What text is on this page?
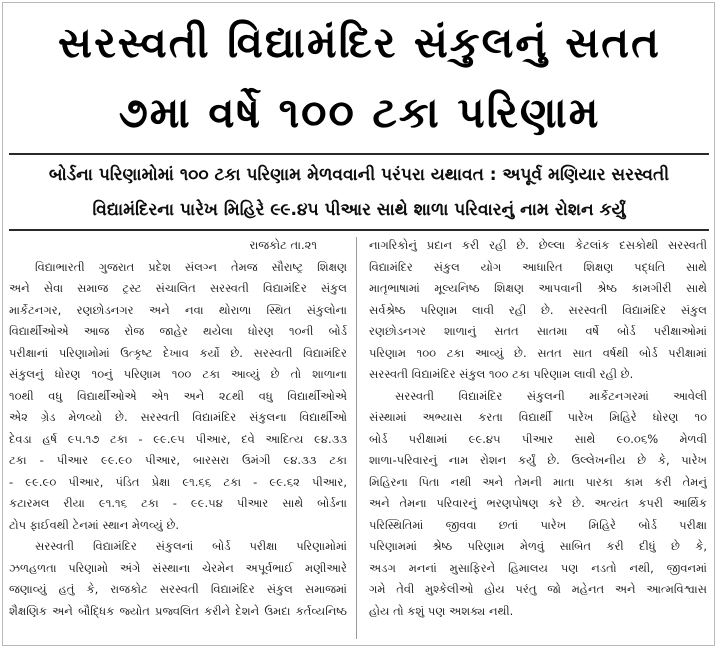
સરસ્વતી વિદ્યામંદિર સંકુલનું સતત
૭મા વર્ષે ૧૦૦ ટકા પરિણામ
બોર્ડના પરિણામોમાં ૧૦૦ ટકા પરિણામ મેળવવાની પરંપરા યથાવત : અપૂર્વ મણિયાર સરસ્વતી
વિદ્યામંદિરના પારેખ મિહિરે ૯૯.૪૫ પીઆર સાથે શાળા પરિવારનું નામ રોશન કર્યું
રાજકોટ તા.૨૧
વિદ્યાભારતી ગુજરાત પ્રદેશ સંલગ્ન તેમજ સૌરાષ્ટ્ર શિક્ષણ
અને સેવા સમાજ ટ્રસ્ટ સંચાલિત સરસ્વતી વિદ્યામંદિર સંકુલ
માર્કેટનગર, રણછોડનગર અને નવા થોરાળા સ્થિત સંકુલોના
વિદ્યાર્થીઓએ આજ રોજ જાહેર થયેલા ધોરણ ૧૦ની બોર્ડ
પરીક્ષાનાં પરિણામોમાં ઉત્કૃષ્ટ દેખાવ કર્યો છે. સરસ્વતી વિદ્યામંદિર
સંકુલનું ધોરણ ૧૦નું પરિણામ ૧૦૦ ટકા આવ્યું છે તો શાળાના
૧૦થી વધુ વિદ્યાર્થીઓએ એ૧ અને ૨૮થી વધુ વિદ્યાર્થીઓએ
એ૨ ગ્રેડ મેળવ્યો છે. સરસ્વતી વિદ્યામંદિર સંકુલના વિદ્યાર્થીઓ
દેવડા હર્ષ ૯૫.૧૭ ટકા - ૯૯.૯૫ પીઆર, દવે આદિત્ય ૯૪.૩૩
ટકા - પીઆર ૯૯.૯૦ પીઆર, બારસરા ઉમંગી ૯૪.૩૩ ટકા
- ૯૯.૯૦ પીઆર, પંડિત પ્રેક્ષા ૯૧.૬૬ ટકા - ૯૯.૬૨ પીઆર,
કટારમલ રીયા ૯૧.૧૬ ટકા - ૯૯.૫૪ પીઆર સાથે બોર્ડના
ટોપ ફાઈવથી ટેનમાં સ્થાન મેળવ્યું છે.
સરસ્વતી વિદ્યામંદિર સંકુલનાં બોર્ડ પરીક્ષા પરિણામોમાં
ઝળહળતા પરિણામો અંગે સંસ્થાના ચેરમેન અપૂર્વભાઈ મણીઆરે
જણાવ્યું હતું કે, રાજકોટ સરસ્વતી વિદ્યામંદિર સંકુલ સમાજમાં
શૈક્ષણિક અને બૌદ્ધિક જ્યોત પ્રજ્વલિત કરીને દેશને ઉમદા કર્તવ્યનિષ્ઠ
નાગરિકોનું પ્રદાન કરી રહી છે. છેલ્લા કેટલાંક દસકોથી સરસ્વતી
વિદ્યામંદિર સંકુલ યોગ આધારિત શિક્ષણ પદ્ધતિ સાથે
માતૃભાષામાં મૂલ્યનિષ્ઠ શિક્ષણ આપવાની શ્રેષ્ઠ કામગીરી સાથે
સર્વશ્રેષ્ઠ પરિણામ લાવી રહી છે. સરસ્વતી વિદ્યામંદિર સંકુલ
રણછોડનગર શાળાનું સતત સાતમા વર્ષે બોર્ડ પરીક્ષાઓમાં
પરિણામ ૧૦૦ ટકા આવ્યું છે. સતત સાત વર્ષથી બોર્ડ પરીક્ષામાં
સરસ્વતી વિદ્યામંદિર સંકુલ ૧૦૦ ટકા પરિણામ લાવી રહી છે.
સરસ્વતી વિદ્યામંદિર સંકુલની માર્કેટનગરમાં આવેલી
સંસ્થામાં અભ્યાસ કરતા વિદ્યાર્થી પારેખ મિહિરે ધોરણ ૧૦
બોર્ડ પરીક્ષામાં ૯૯.૪૫ પીઆર સાથે ૯૦.૦૬% મેળવી
શાળા-પરિવારનું નામ રોશન કર્યું છે. ઉલ્લેખનીય છે કે, પારેખ
મિહિરના પિતા નથી અને તેમની માતા પારકા કામ કરી તેમનું
અને તેમના પરિવારનું ભરણપોષણ કરે છે. અત્યંત કપરી આર્થિક
પરિસ્થિતિમાં જીવવા છતાં પારેખ મિહિરે બોર્ડ પરીક્ષા
પરિણામમાં શ્રેષ્ઠ પરિણામ મેળવું સાબિત કરી દીધું છે કે,
અડગ મનનાં મુસાફિરને હિમાલય પણ નડતો નથી, જીવનમાં
ગમે તેવી મુશ્કેલીઓ હોય પરંતુ જો મહેનત અને આત્મવિશ્વાસ
હોય તો કશું પણ અશક્ય નથી.
